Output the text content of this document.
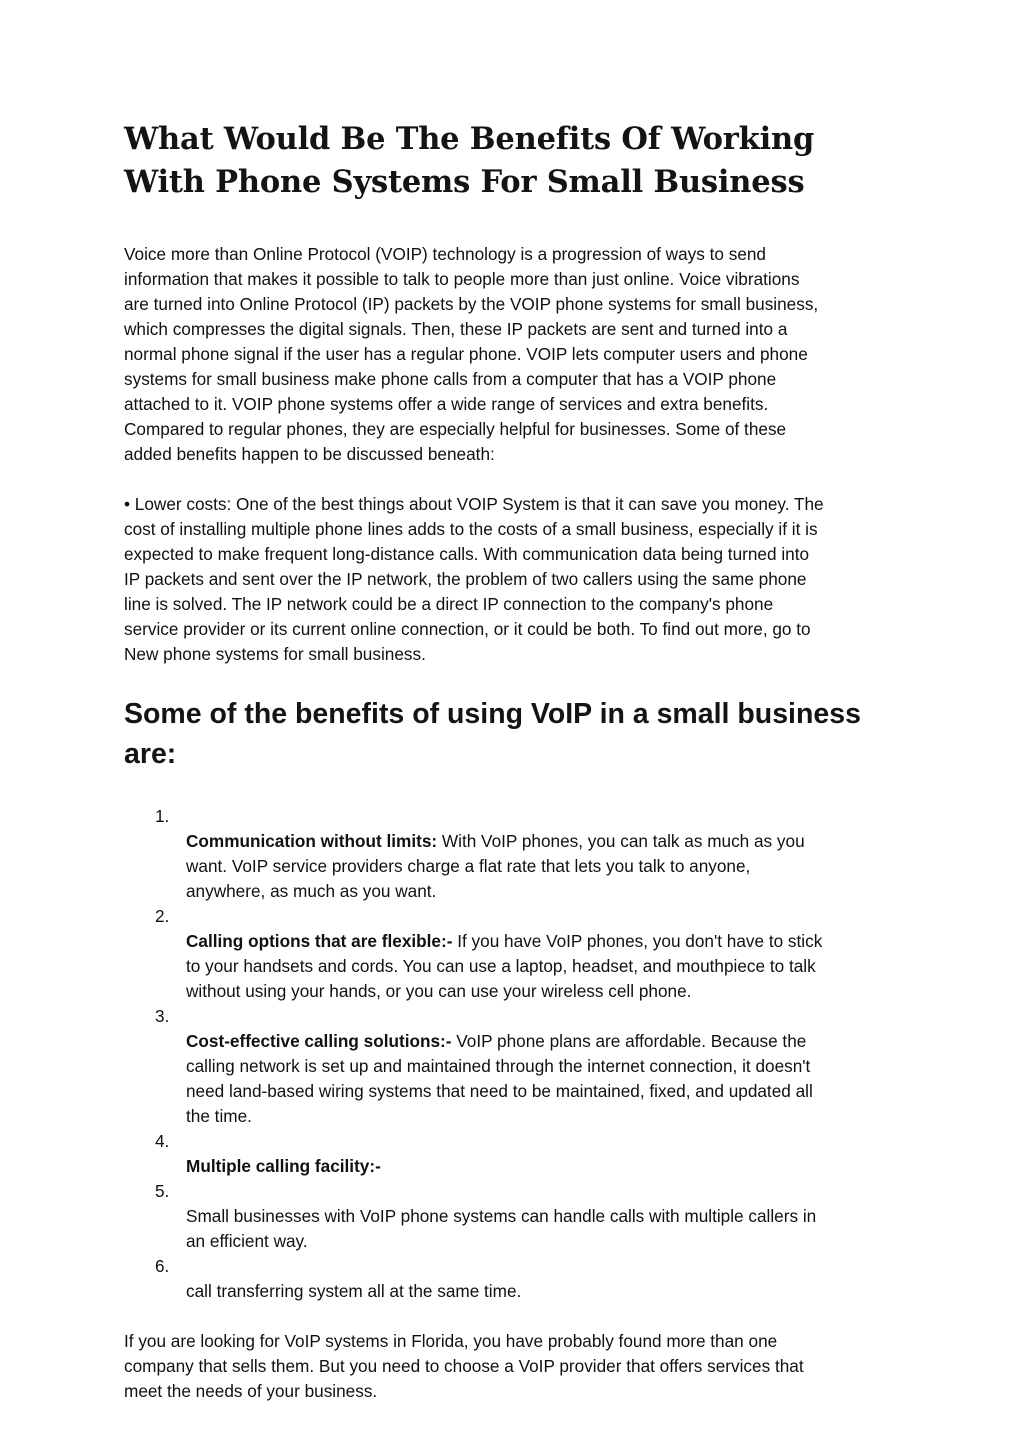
What Would Be The Benefits Of Working
With Phone Systems For Small Business

Voice more than Online Protocol (VOIP) technology is a progression of ways to send
information that makes it possible to talk to people more than just online. Voice vibrations
are turned into Online Protocol (IP) packets by the VOIP phone systems for small business,
which compresses the digital signals. Then, these IP packets are sent and turned into a
normal phone signal if the user has a regular phone. VOIP lets computer users and phone
systems for small business make phone calls from a computer that has a VOIP phone
attached to it. VOIP phone systems offer a wide range of services and extra benefits.
Compared to regular phones, they are especially helpful for businesses. Some of these
added benefits happen to be discussed beneath:

• Lower costs: One of the best things about VOIP System is that it can save you money. The
cost of installing multiple phone lines adds to the costs of a small business, especially if it is
expected to make frequent long-distance calls. With communication data being turned into
IP packets and sent over the IP network, the problem of two callers using the same phone
line is solved. The IP network could be a direct IP connection to the company's phone
service provider or its current online connection, or it could be both. To find out more, go to
New phone systems for small business.

Some of the benefits of using VoIP in a small business
are:

1.
Communication without limits: With VoIP phones, you can talk as much as you
want. VoIP service providers charge a flat rate that lets you talk to anyone,
anywhere, as much as you want.

2.
Calling options that are flexible:- If you have VoIP phones, you don't have to stick
to your handsets and cords. You can use a laptop, headset, and mouthpiece to talk
without using your hands, or you can use your wireless cell phone.

3.
Cost-effective calling solutions:- VoIP phone plans are affordable. Because the
calling network is set up and maintained through the internet connection, it doesn't
need land-based wiring systems that need to be maintained, fixed, and updated all
the time.

4.
Multiple calling facility:-

5.
Small businesses with VoIP phone systems can handle calls with multiple callers in
an efficient way.

6.
call transferring system all at the same time.

If you are looking for VoIP systems in Florida, you have probably found more than one
company that sells them. But you need to choose a VoIP provider that offers services that
meet the needs of your business.
